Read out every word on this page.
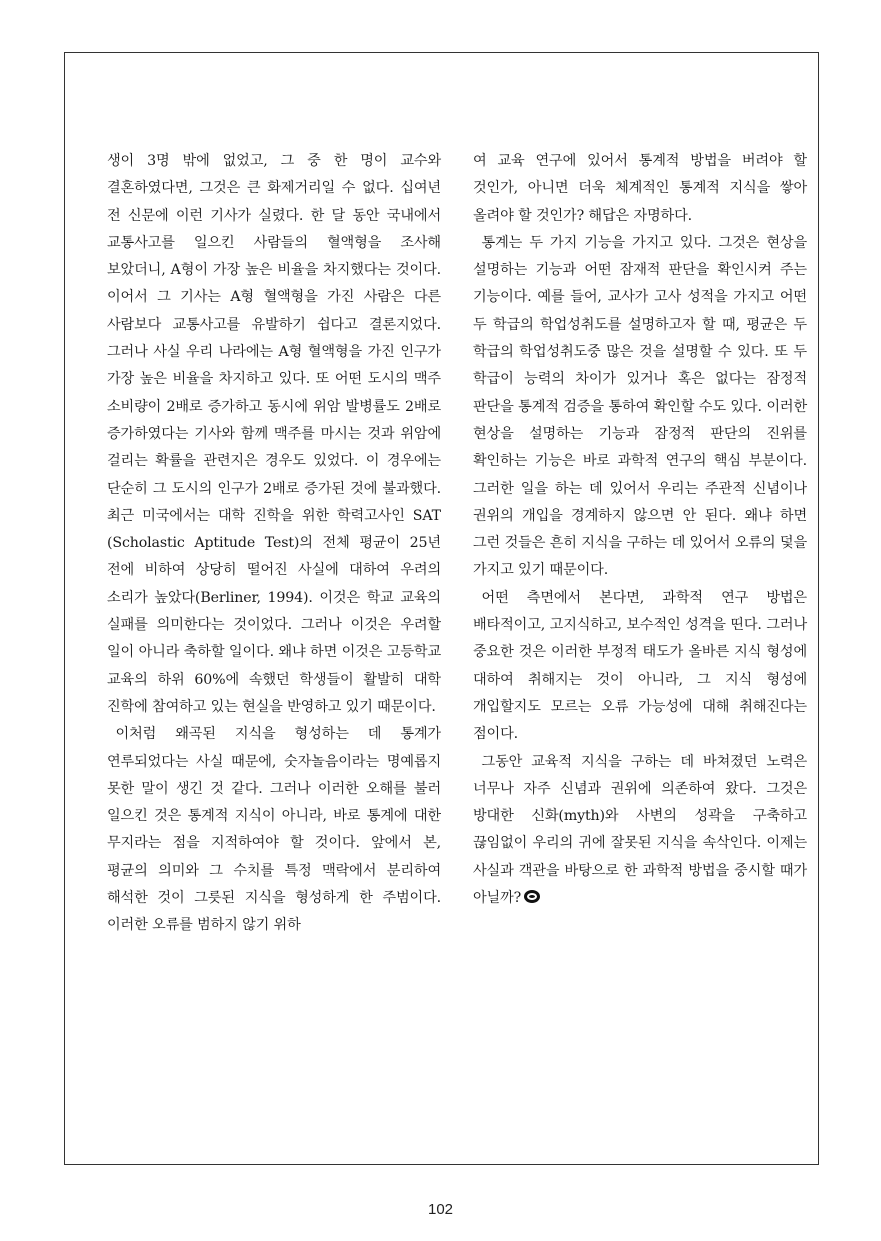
생이 3명 밖에 없었고, 그 중 한 명이 교수와 결혼하였다면, 그것은 큰 화제거리일 수 없다. 십여년 전 신문에 이런 기사가 실렸다. 한 달 동안 국내에서 교통사고를 일으킨 사람들의 혈액형을 조사해 보았더니, A형이 가장 높은 비율을 차지했다는 것이다. 이어서 그 기사는 A형 혈액형을 가진 사람은 다른 사람보다 교통사고를 유발하기 쉽다고 결론지었다. 그러나 사실 우리 나라에는 A형 혈액형을 가진 인구가 가장 높은 비율을 차지하고 있다. 또 어떤 도시의 맥주 소비량이 2배로 증가하고 동시에 위암 발병률도 2배로 증가하였다는 기사와 함께 맥주를 마시는 것과 위암에 걸리는 확률을 관련지은 경우도 있었다. 이 경우에는 단순히 그 도시의 인구가 2배로 증가된 것에 불과했다. 최근 미국에서는 대학 진학을 위한 학력고사인 SAT (Scholastic Aptitude Test)의 전체 평균이 25년 전에 비하여 상당히 떨어진 사실에 대하여 우려의 소리가 높았다(Berliner, 1994). 이것은 학교 교육의 실패를 의미한다는 것이었다. 그러나 이것은 우려할 일이 아니라 축하할 일이다. 왜냐 하면 이것은 고등학교 교육의 하위 60%에 속했던 학생들이 활발히 대학 진학에 참여하고 있는 현실을 반영하고 있기 때문이다.

이처럼 왜곡된 지식을 형성하는 데 통계가 연루되었다는 사실 때문에, 숫자놀음이라는 명예롭지 못한 말이 생긴 것 같다. 그러나 이러한 오해를 불러 일으킨 것은 통계적 지식이 아니라, 바로 통계에 대한 무지라는 점을 지적하여야 할 것이다. 앞에서 본, 평균의 의미와 그 수치를 특정 맥락에서 분리하여 해석한 것이 그릇된 지식을 형성하게 한 주범이다. 이러한 오류를 범하지 않기 위하

여 교육 연구에 있어서 통계적 방법을 버려야 할 것인가, 아니면 더욱 체계적인 통계적 지식을 쌓아 올려야 할 것인가? 해답은 자명하다.

통계는 두 가지 기능을 가지고 있다. 그것은 현상을 설명하는 기능과 어떤 잠재적 판단을 확인시켜 주는 기능이다. 예를 들어, 교사가 고사 성적을 가지고 어떤 두 학급의 학업성취도를 설명하고자 할 때, 평균은 두 학급의 학업성취도중 많은 것을 설명할 수 있다. 또 두 학급이 능력의 차이가 있거나 혹은 없다는 잠정적 판단을 통계적 검증을 통하여 확인할 수도 있다. 이러한 현상을 설명하는 기능과 잠정적 판단의 진위를 확인하는 기능은 바로 과학적 연구의 핵심 부분이다. 그러한 일을 하는 데 있어서 우리는 주관적 신념이나 권위의 개입을 경계하지 않으면 안 된다. 왜냐 하면 그런 것들은 흔히 지식을 구하는 데 있어서 오류의 덫을 가지고 있기 때문이다.

어떤 측면에서 본다면, 과학적 연구 방법은 배타적이고, 고지식하고, 보수적인 성격을 띤다. 그러나 중요한 것은 이러한 부정적 태도가 올바른 지식 형성에 대하여 취해지는 것이 아니라, 그 지식 형성에 개입할지도 모르는 오류 가능성에 대해 취해진다는 점이다.

그동안 교육적 지식을 구하는 데 바쳐졌던 노력은 너무나 자주 신념과 권위에 의존하여 왔다. 그것은 방대한 신화(myth)와 사변의 성곽을 구축하고 끊임없이 우리의 귀에 잘못된 지식을 속삭인다. 이제는 사실과 객관을 바탕으로 한 과학적 방법을 중시할 때가 아닐까?

102
